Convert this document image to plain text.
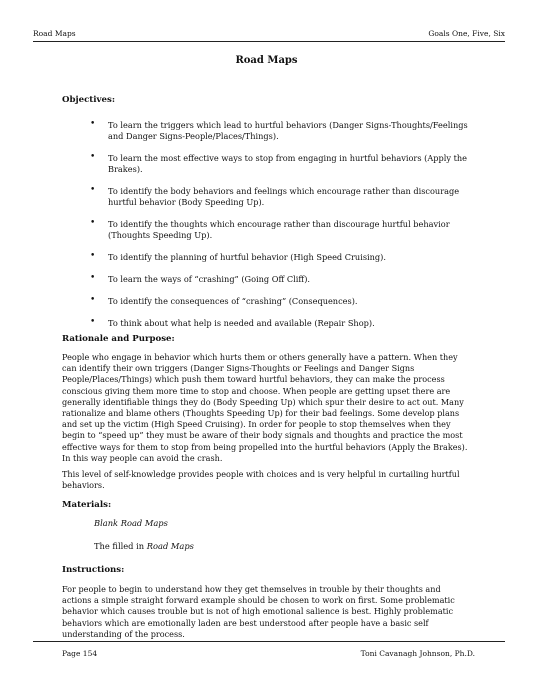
Road Maps	Goals One, Five, Six
Road Maps
Objectives:
• To learn the triggers which lead to hurtful behaviors (Danger Signs-Thoughts/Feelings and Danger Signs-People/Places/Things).
• To learn the most effective ways to stop from engaging in hurtful behaviors (Apply the Brakes).
• To identify the body behaviors and feelings which encourage rather than discourage hurtful behavior (Body Speeding Up).
• To identify the thoughts which encourage rather than discourage hurtful behavior (Thoughts Speeding Up).
• To identify the planning of hurtful behavior (High Speed Cruising).
• To learn the ways of “crashing” (Going Off Cliff).
• To identify the consequences of “crashing” (Consequences).
• To think about what help is needed and available (Repair Shop).
Rationale and Purpose:

People who engage in behavior which hurts them or others generally have a pattern. When they can identify their own triggers (Danger Signs-Thoughts or Feelings and Danger Signs People/Places/Things) which push them toward hurtful behaviors, they can make the process conscious giving them more time to stop and choose. When people are getting upset there are generally identifiable things they do (Body Speeding Up) which spur their desire to act out. Many rationalize and blame others (Thoughts Speeding Up) for their bad feelings. Some develop plans and set up the victim (High Speed Cruising). In order for people to stop themselves when they begin to “speed up” they must be aware of their body signals and thoughts and practice the most effective ways for them to stop from being propelled into the hurtful behaviors (Apply the Brakes). In this way people can avoid the crash.

This level of self-knowledge provides people with choices and is very helpful in curtailing hurtful behaviors.

Materials:
Blank Road Maps
The filled in Road Maps
Instructions:

For people to begin to understand how they get themselves in trouble by their thoughts and actions a simple straight forward example should be chosen to work on first. Some problematic behavior which causes trouble but is not of high emotional salience is best. Highly problematic behaviors which are emotionally laden are best understood after people have a basic self understanding of the process.

Page 154	Toni Cavanagh Johnson, Ph.D.
